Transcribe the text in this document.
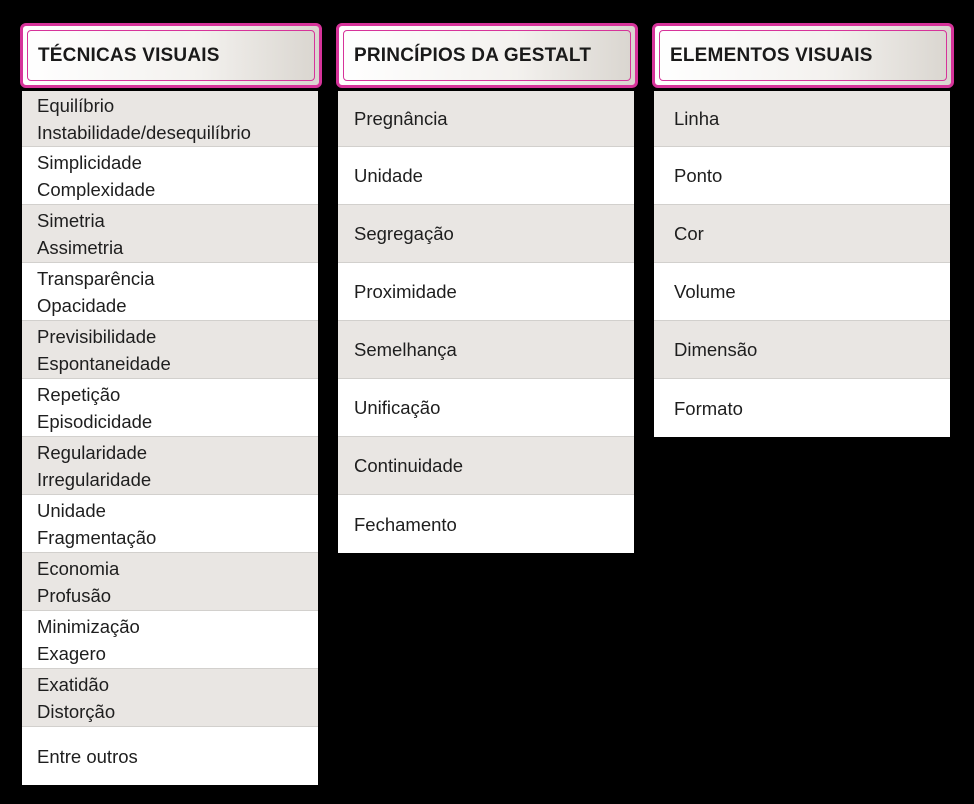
TÉCNICAS VISUAIS
Equilíbrio
Instabilidade/desequilíbrio
Simplicidade
Complexidade
Simetria
Assimetria
Transparência
Opacidade
Previsibilidade
Espontaneidade
Repetição
Episodicidade
Regularidade
Irregularidade
Unidade
Fragmentação
Economia
Profusão
Minimização
Exagero
Exatidão
Distorção
Entre outros
PRINCÍPIOS DA GESTALT
Pregnância
Unidade
Segregação
Proximidade
Semelhança
Unificação
Continuidade
Fechamento
ELEMENTOS VISUAIS
Linha
Ponto
Cor
Volume
Dimensão
Formato
